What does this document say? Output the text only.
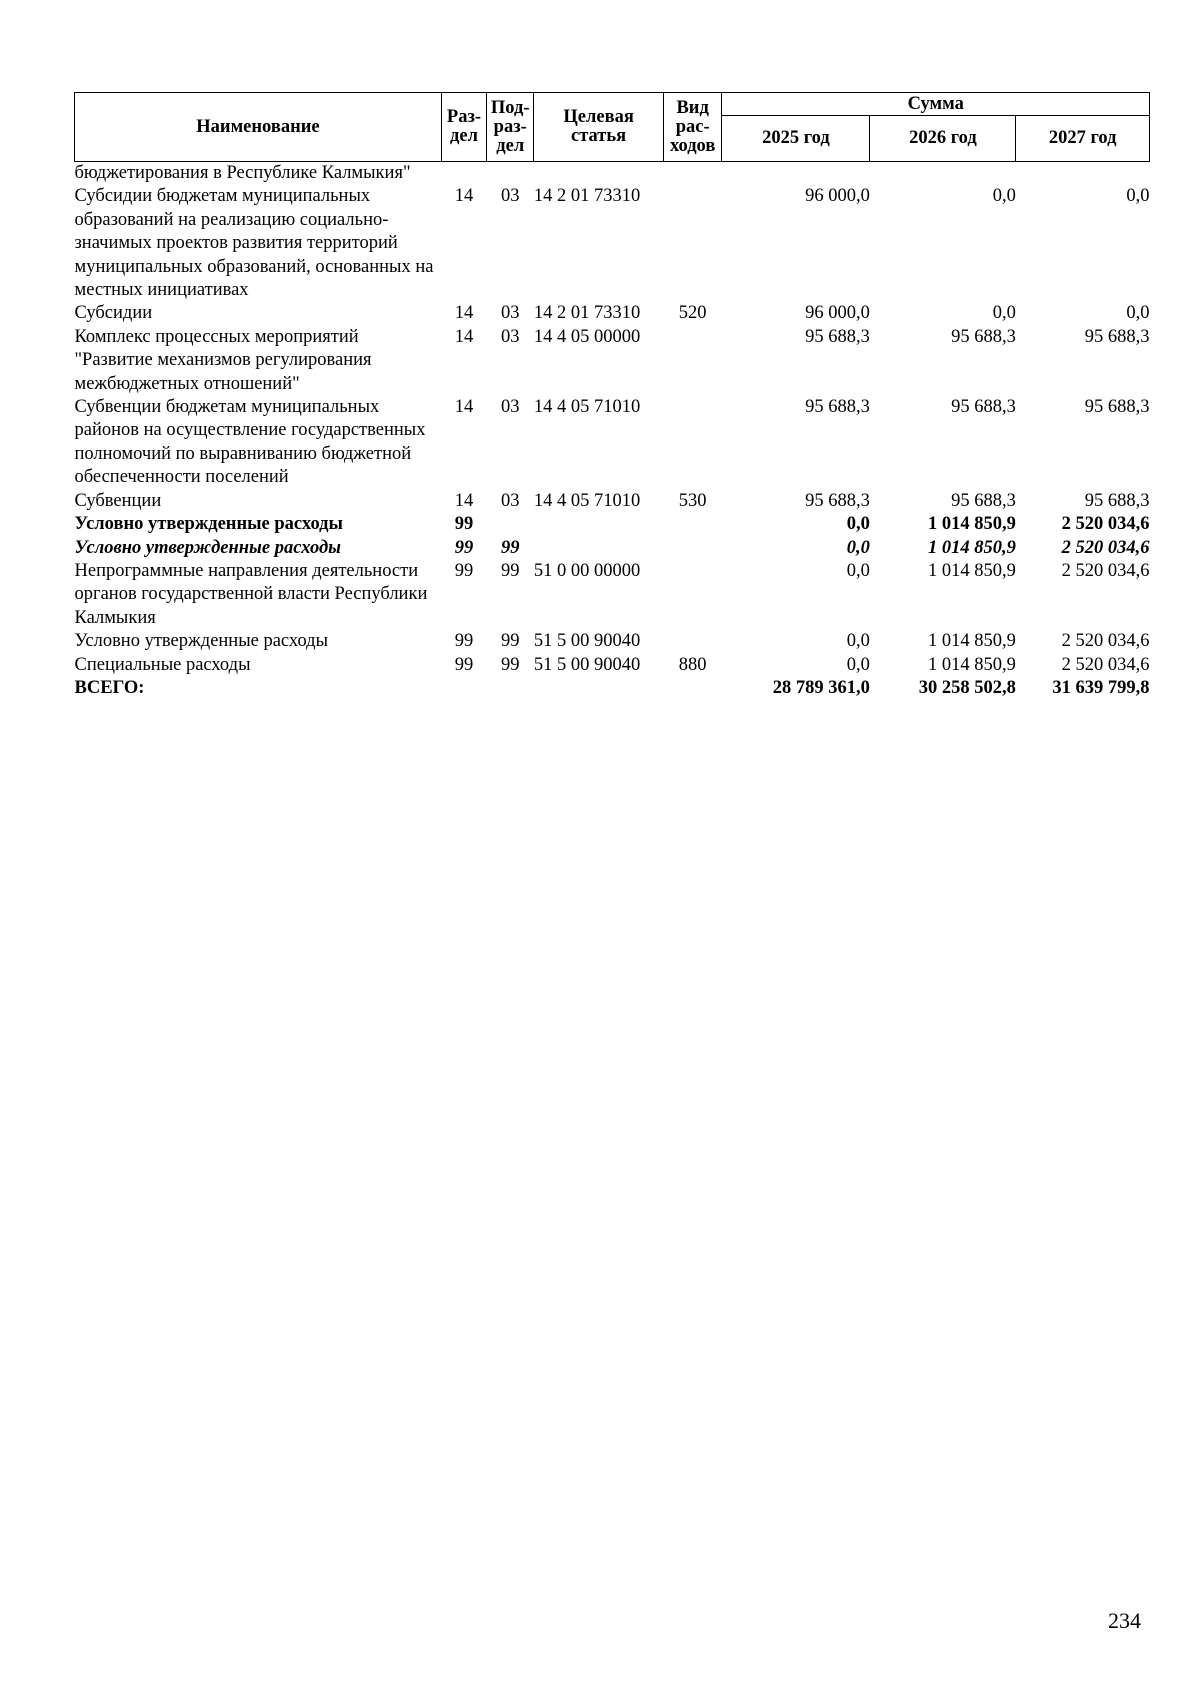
Наименование	Раз-дел	Под-раз-дел	Целевая статья	Вид рас-ходов	Сумма		
					2025 год	2026 год	2027 год
бюджетирования в Республике Калмыкия"							
Субсидии бюджетам муниципальных образований на реализацию социально-значимых проектов развития территорий муниципальных образований, основанных на местных инициативах	14	03	14 2 01 73310		96 000,0	0,0	0,0
Субсидии	14	03	14 2 01 73310	520	96 000,0	0,0	0,0
Комплекс процессных мероприятий "Развитие механизмов регулирования межбюджетных отношений"	14	03	14 4 05 00000		95 688,3	95 688,3	95 688,3
Субвенции бюджетам муниципальных районов на осуществление государственных полномочий по выравниванию бюджетной обеспеченности поселений	14	03	14 4 05 71010		95 688,3	95 688,3	95 688,3
Субвенции	14	03	14 4 05 71010	530	95 688,3	95 688,3	95 688,3
Условно утвержденные расходы	99				0,0	1 014 850,9	2 520 034,6
Условно утвержденные расходы	99	99			0,0	1 014 850,9	2 520 034,6
Непрограммные направления деятельности органов государственной власти Республики Калмыкия	99	99	51 0 00 00000		0,0	1 014 850,9	2 520 034,6
Условно утвержденные расходы	99	99	51 5 00 90040		0,0	1 014 850,9	2 520 034,6
Специальные расходы	99	99	51 5 00 90040	880	0,0	1 014 850,9	2 520 034,6
ВСЕГО:					28 789 361,0	30 258 502,8	31 639 799,8
234
